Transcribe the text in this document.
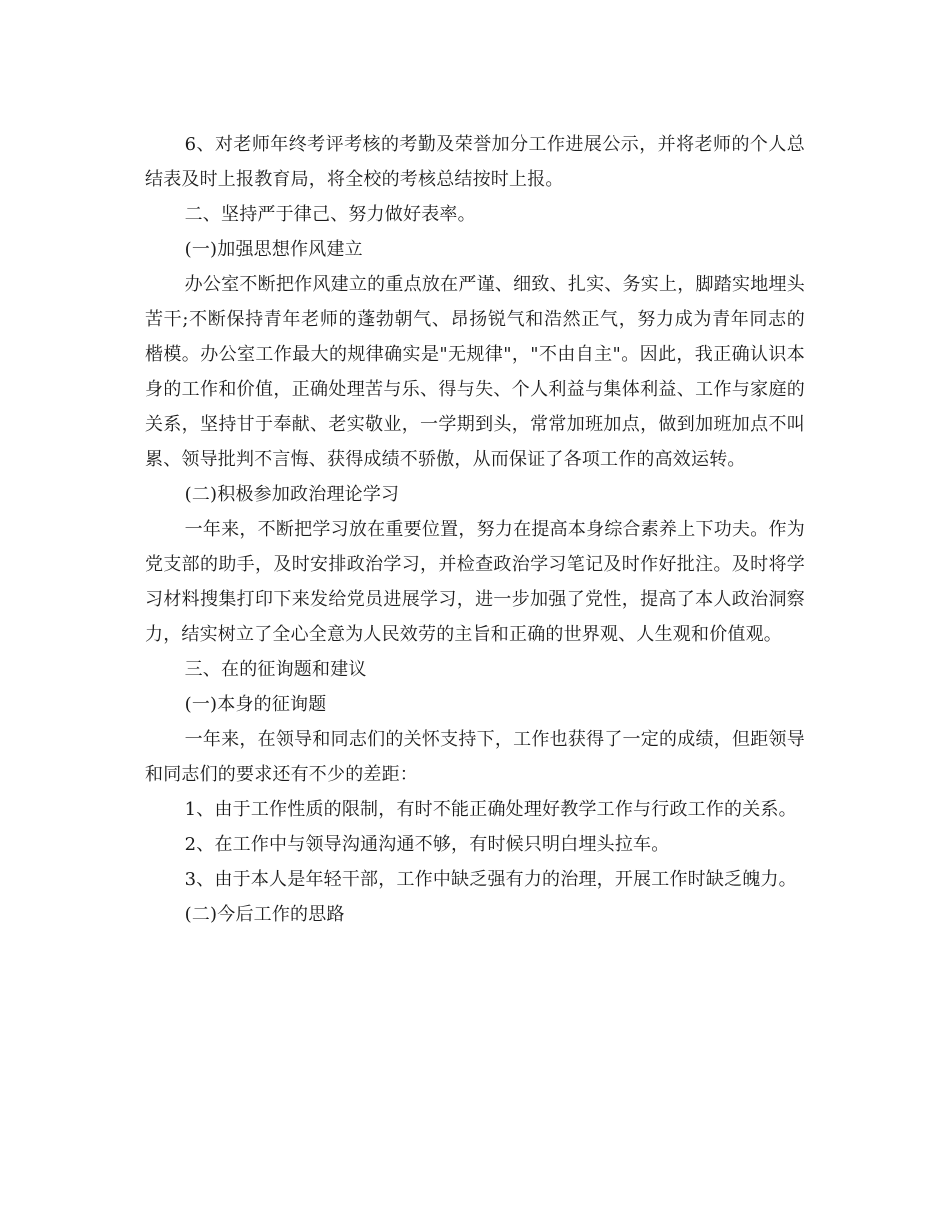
6、对老师年终考评考核的考勤及荣誉加分工作进展公示，并将老师的个人总结表及时上报教育局，将全校的考核总结按时上报。

二、坚持严于律己、努力做好表率。

(一)加强思想作风建立

办公室不断把作风建立的重点放在严谨、细致、扎实、务实上，脚踏实地埋头苦干;不断保持青年老师的蓬勃朝气、昂扬锐气和浩然正气，努力成为青年同志的楷模。办公室工作最大的规律确实是"无规律"，"不由自主"。因此，我正确认识本身的工作和价值，正确处理苦与乐、得与失、个人利益与集体利益、工作与家庭的关系，坚持甘于奉献、老实敬业，一学期到头，常常加班加点，做到加班加点不叫累、领导批判不言悔、获得成绩不骄傲，从而保证了各项工作的高效运转。

(二)积极参加政治理论学习

一年来，不断把学习放在重要位置，努力在提高本身综合素养上下功夫。作为党支部的助手，及时安排政治学习，并检查政治学习笔记及时作好批注。及时将学习材料搜集打印下来发给党员进展学习，进一步加强了党性，提高了本人政治洞察力，结实树立了全心全意为人民效劳的主旨和正确的世界观、人生观和价值观。

三、在的征询题和建议

(一)本身的征询题

一年来，在领导和同志们的关怀支持下，工作也获得了一定的成绩，但距领导和同志们的要求还有不少的差距：

1、由于工作性质的限制，有时不能正确处理好教学工作与行政工作的关系。

2、在工作中与领导沟通沟通不够，有时候只明白埋头拉车。

3、由于本人是年轻干部，工作中缺乏强有力的治理，开展工作时缺乏魄力。

(二)今后工作的思路
